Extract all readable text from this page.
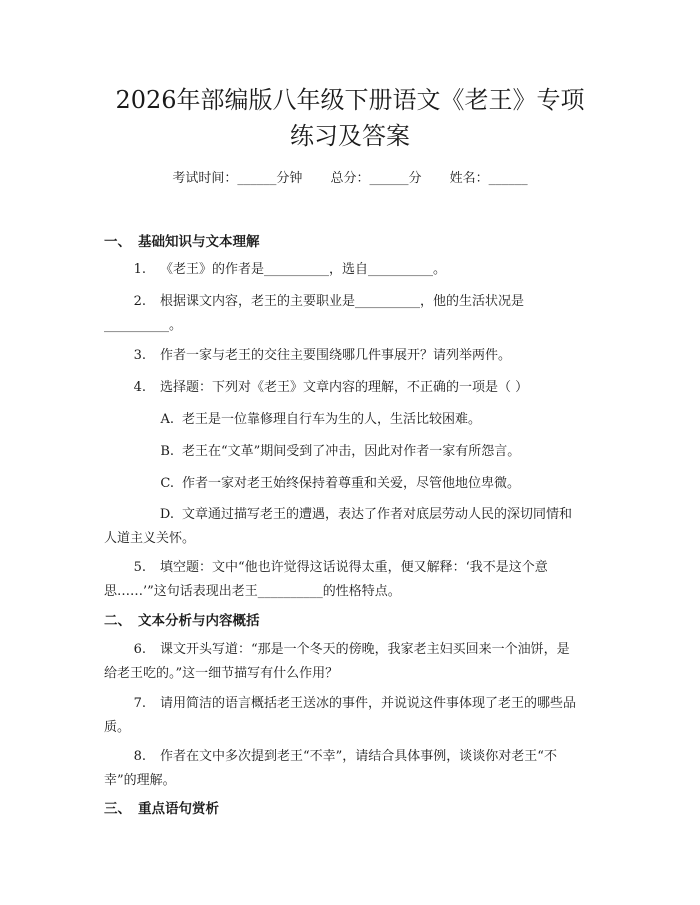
2026年部编版八年级下册语文《老王》专项
练习及答案
考试时间：______分钟 总分：______分 姓名：______
一、 基础知识与文本理解
1. 《老王》的作者是__________，选自__________。
2. 根据课文内容，老王的主要职业是__________，他的生活状况是
__________。
3. 作者一家与老王的交往主要围绕哪几件事展开？请列举两件。
4. 选择题：下列对《老王》文章内容的理解，不正确的一项是（ ）
A. 老王是一位靠修理自行车为生的人，生活比较困难。
B. 老王在“文革”期间受到了冲击，因此对作者一家有所怨言。
C. 作者一家对老王始终保持着尊重和关爱，尽管他地位卑微。
D. 文章通过描写老王的遭遇，表达了作者对底层劳动人民的深切同情和
人道主义关怀。
5. 填空题：文中“他也许觉得这话说得太重，便又解释：‘我不是这个意
思……’”这句话表现出老王__________的性格特点。
二、 文本分析与内容概括
6. 课文开头写道：“那是一个冬天的傍晚，我家老主妇买回来一个油饼，是
给老王吃的。”这一细节描写有什么作用？
7. 请用简洁的语言概括老王送冰的事件，并说说这件事体现了老王的哪些品
质。
8. 作者在文中多次提到老王“不幸”，请结合具体事例，谈谈你对老王“不
幸”的理解。
三、 重点语句赏析
